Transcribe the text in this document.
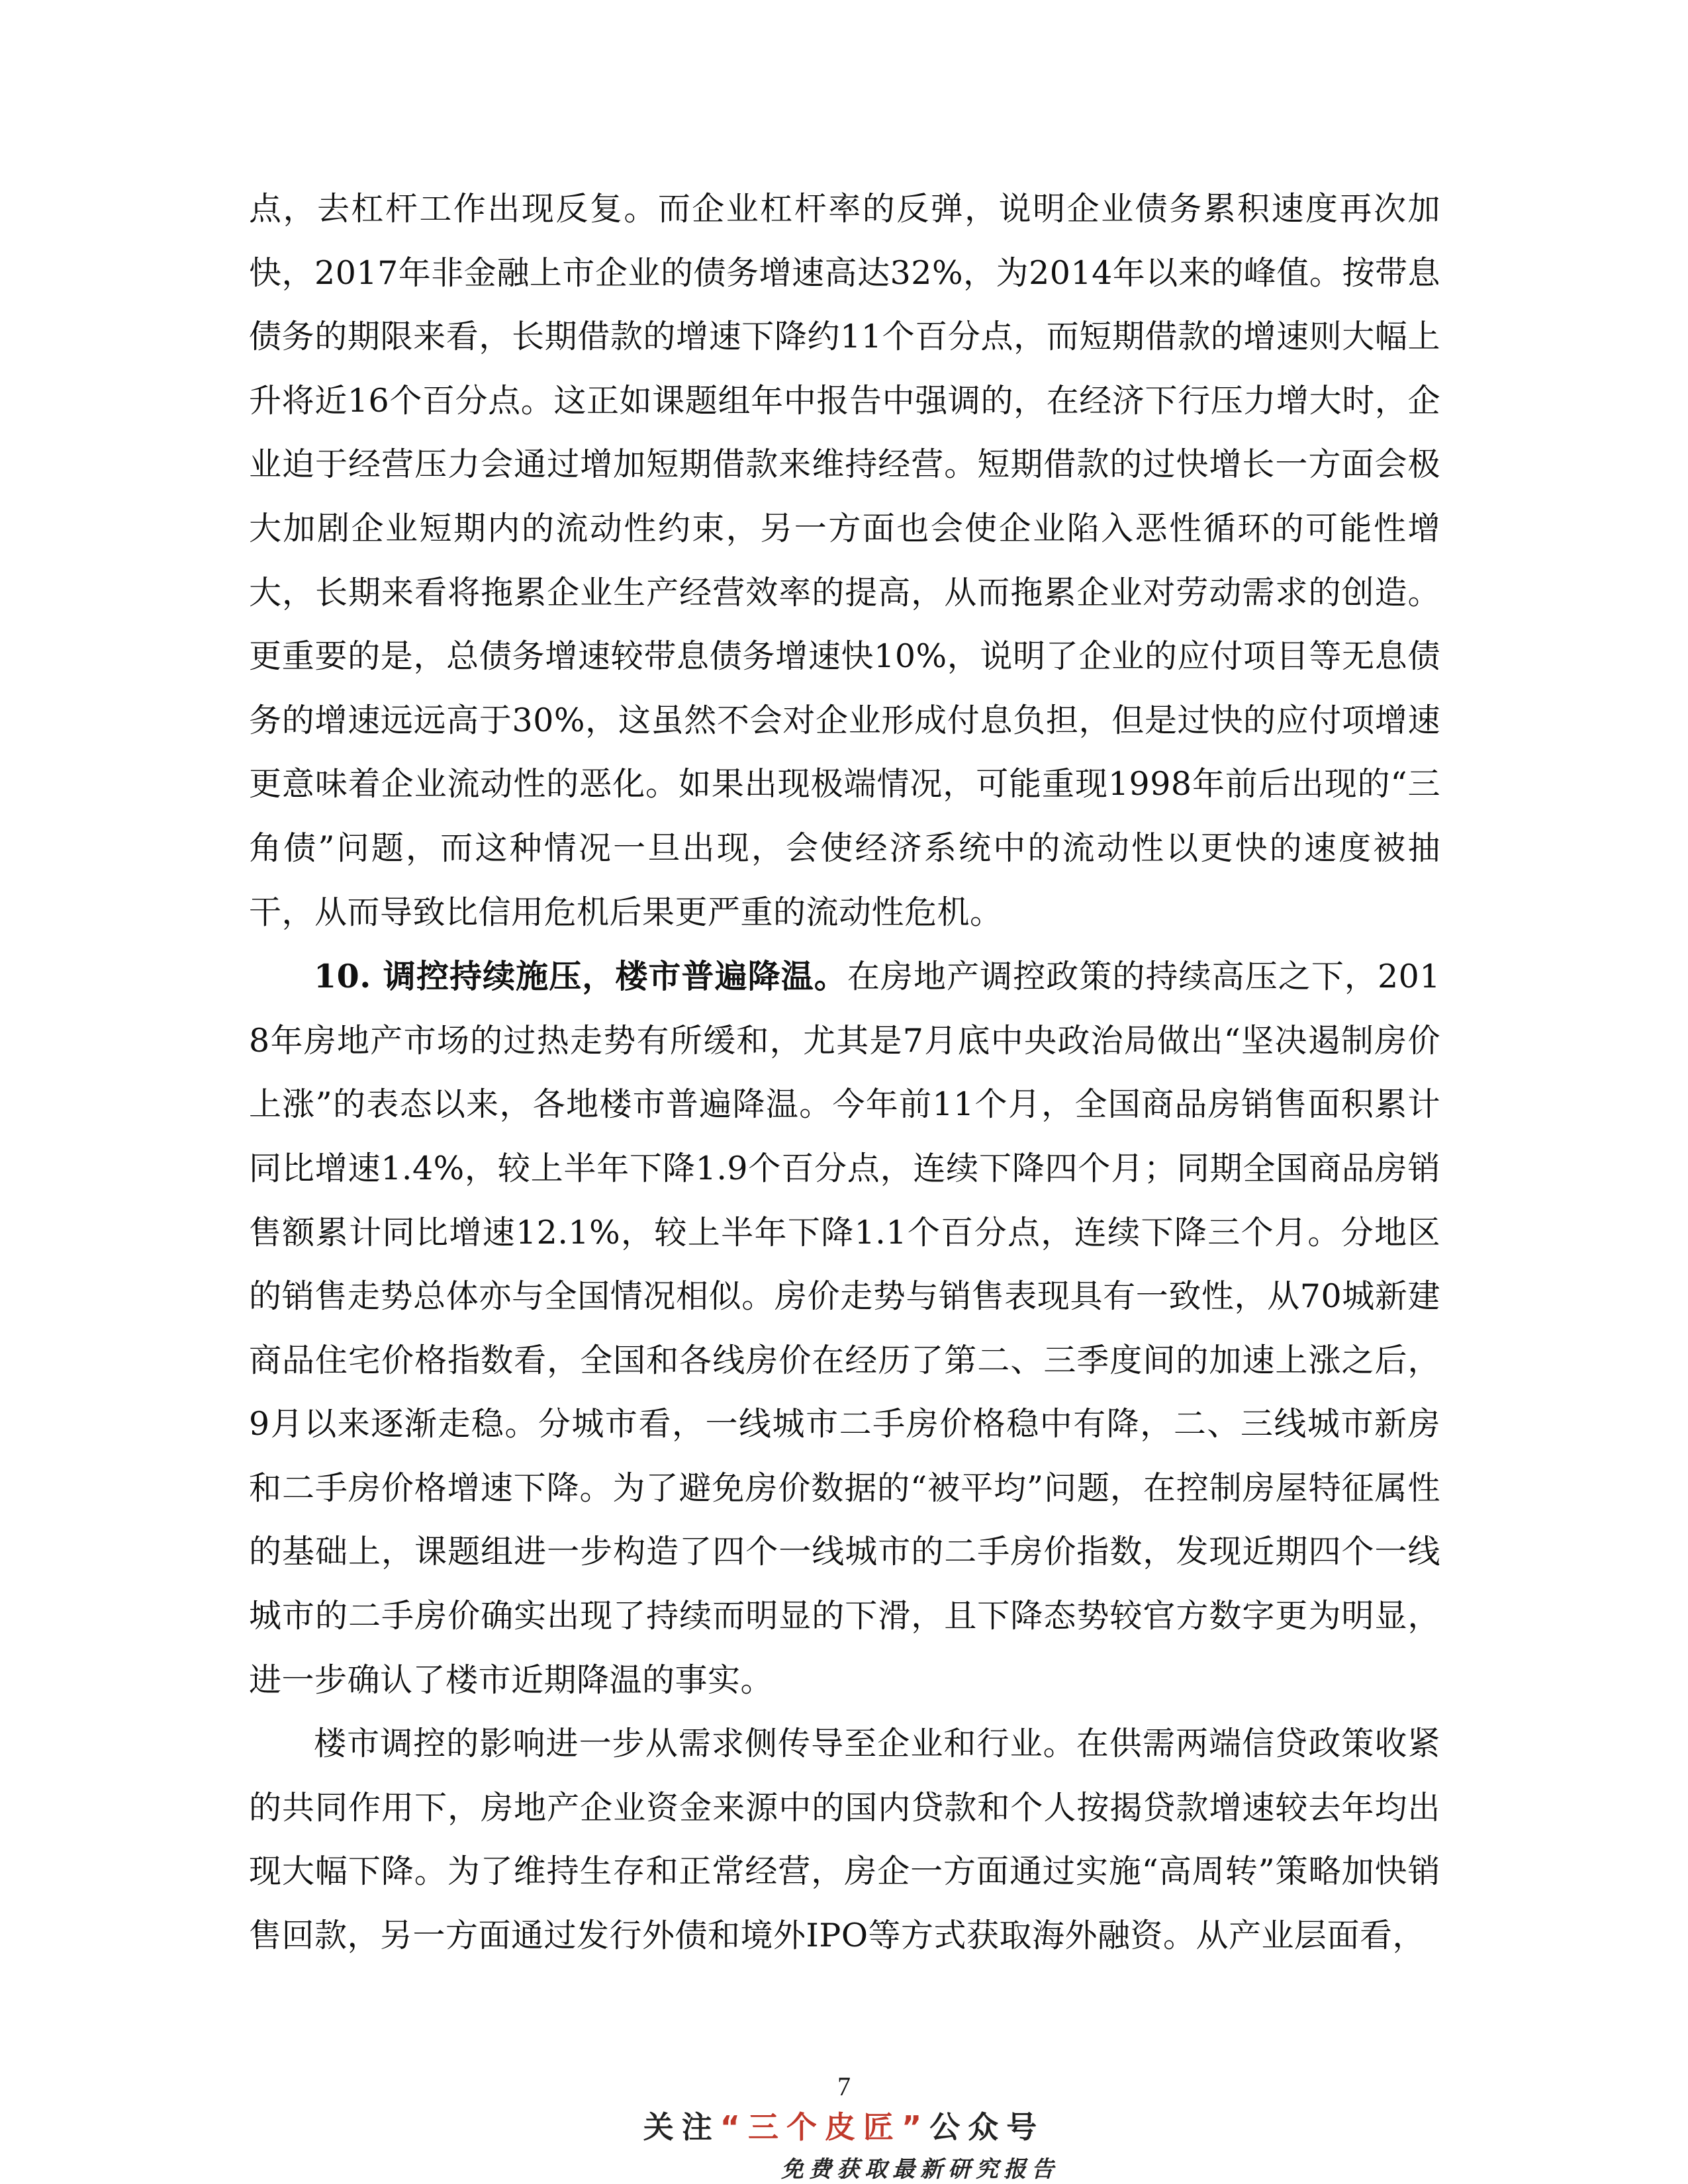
点，去杠杆工作出现反复。而企业杠杆率的反弹，说明企业债务累积速度再次加快，2017年非金融上市企业的债务增速高达32%，为2014年以来的峰值。按带息债务的期限来看，长期借款的增速下降约11个百分点，而短期借款的增速则大幅上升将近16个百分点。这正如课题组年中报告中强调的，在经济下行压力增大时，企业迫于经营压力会通过增加短期借款来维持经营。短期借款的过快增长一方面会极大加剧企业短期内的流动性约束，另一方面也会使企业陷入恶性循环的可能性增大，长期来看将拖累企业生产经营效率的提高，从而拖累企业对劳动需求的创造。更重要的是，总债务增速较带息债务增速快10%，说明了企业的应付项目等无息债务的增速远远高于30%，这虽然不会对企业形成付息负担，但是过快的应付项增速更意味着企业流动性的恶化。如果出现极端情况，可能重现1998年前后出现的“三角债”问题，而这种情况一旦出现，会使经济系统中的流动性以更快的速度被抽干，从而导致比信用危机后果更严重的流动性危机。

10. 调控持续施压，楼市普遍降温。在房地产调控政策的持续高压之下，2018年房地产市场的过热走势有所缓和，尤其是7月底中央政治局做出“坚决遏制房价上涨”的表态以来，各地楼市普遍降温。今年前11个月，全国商品房销售面积累计同比增速1.4%，较上半年下降1.9个百分点，连续下降四个月；同期全国商品房销售额累计同比增速12.1%，较上半年下降1.1个百分点，连续下降三个月。分地区的销售走势总体亦与全国情况相似。房价走势与销售表现具有一致性，从70城新建商品住宅价格指数看，全国和各线房价在经历了第二、三季度间的加速上涨之后，9月以来逐渐走稳。分城市看，一线城市二手房价格稳中有降，二、三线城市新房和二手房价格增速下降。为了避免房价数据的“被平均”问题，在控制房屋特征属性的基础上，课题组进一步构造了四个一线城市的二手房价指数，发现近期四个一线城市的二手房价确实出现了持续而明显的下滑，且下降态势较官方数字更为明显，进一步确认了楼市近期降温的事实。

楼市调控的影响进一步从需求侧传导至企业和行业。在供需两端信贷政策收紧的共同作用下，房地产企业资金来源中的国内贷款和个人按揭贷款增速较去年均出现大幅下降。为了维持生存和正常经营，房企一方面通过实施“高周转”策略加快销售回款，另一方面通过发行外债和境外IPO等方式获取海外融资。从产业层面看，

7
关注“三个皮匠”公众号
免费获取最新研究报告
